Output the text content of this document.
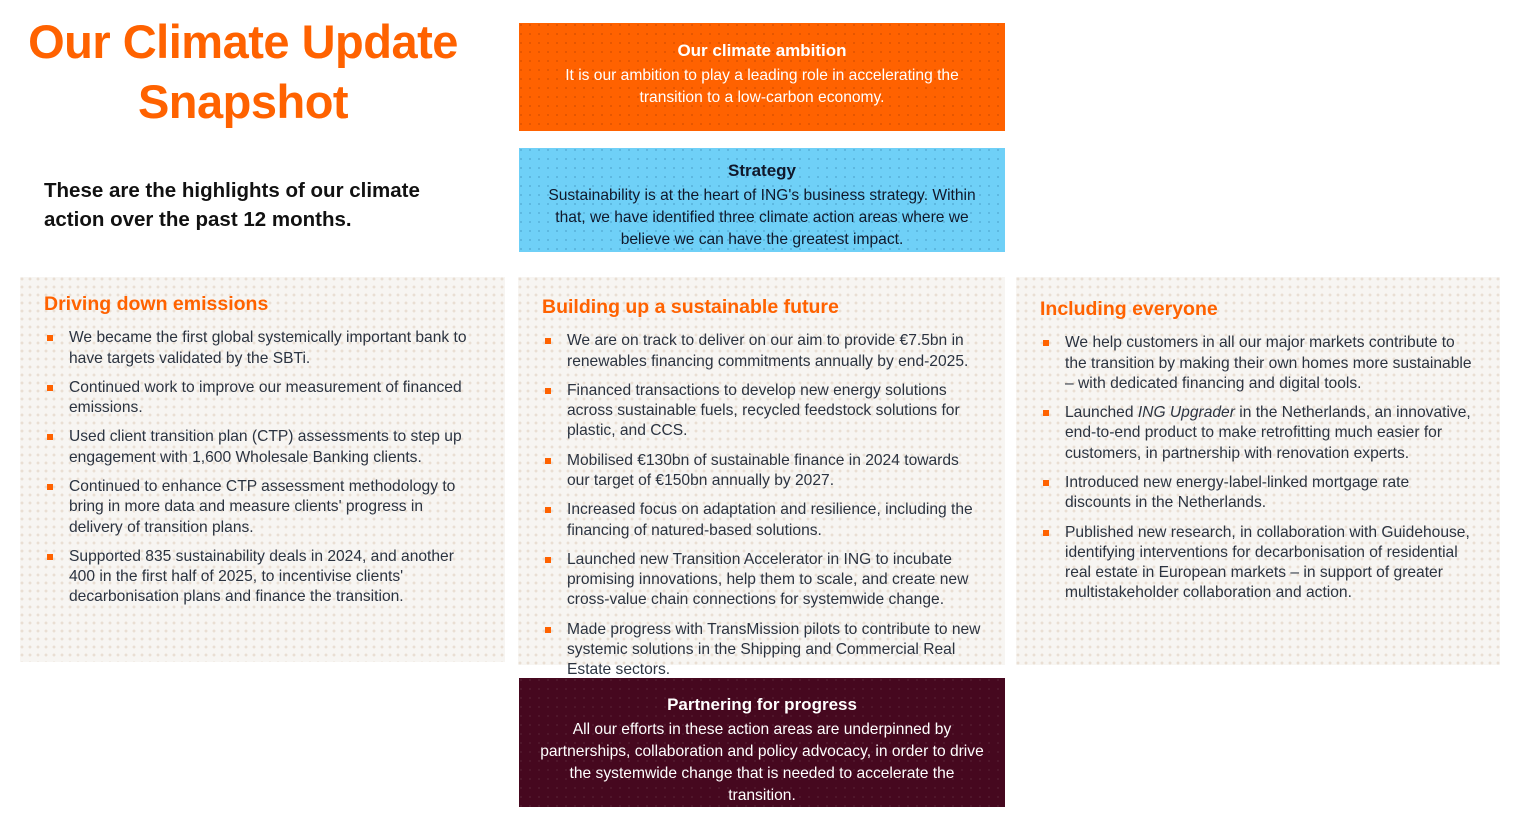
Our Climate Update Snapshot
These are the highlights of our climate action over the past 12 months.
Our climate ambition
It is our ambition to play a leading role in accelerating the transition to a low-carbon economy.
Strategy
Sustainability is at the heart of ING's business strategy. Within that, we have identified three climate action areas where we believe we can have the greatest impact.
Driving down emissions
We became the first global systemically important bank to have targets validated by the SBTi.
Continued work to improve our measurement of financed emissions.
Used client transition plan (CTP) assessments to step up engagement with 1,600 Wholesale Banking clients.
Continued to enhance CTP assessment methodology to bring in more data and measure clients' progress in delivery of transition plans.
Supported 835 sustainability deals in 2024, and another 400 in the first half of 2025, to incentivise clients' decarbonisation plans and finance the transition.
Building up a sustainable future
We are on track to deliver on our aim to provide €7.5bn in renewables financing commitments annually by end-2025.
Financed transactions to develop new energy solutions across sustainable fuels, recycled feedstock solutions for plastic, and CCS.
Mobilised €130bn of sustainable finance in 2024 towards our target of €150bn annually by 2027.
Increased focus on adaptation and resilience, including the financing of natured-based solutions.
Launched new Transition Accelerator in ING to incubate promising innovations, help them to scale, and create new cross-value chain connections for systemwide change.
Made progress with TransMission pilots to contribute to new systemic solutions in the Shipping and Commercial Real Estate sectors.
Including everyone
We help customers in all our major markets contribute to the transition by making their own homes more sustainable – with dedicated financing and digital tools.
Launched ING Upgrader in the Netherlands, an innovative, end-to-end product to make retrofitting much easier for customers, in partnership with renovation experts.
Introduced new energy-label-linked mortgage rate discounts in the Netherlands.
Published new research, in collaboration with Guidehouse, identifying interventions for decarbonisation of residential real estate in European markets – in support of greater multistakeholder collaboration and action.
Partnering for progress
All our efforts in these action areas are underpinned by partnerships, collaboration and policy advocacy, in order to drive the systemwide change that is needed to accelerate the transition.
